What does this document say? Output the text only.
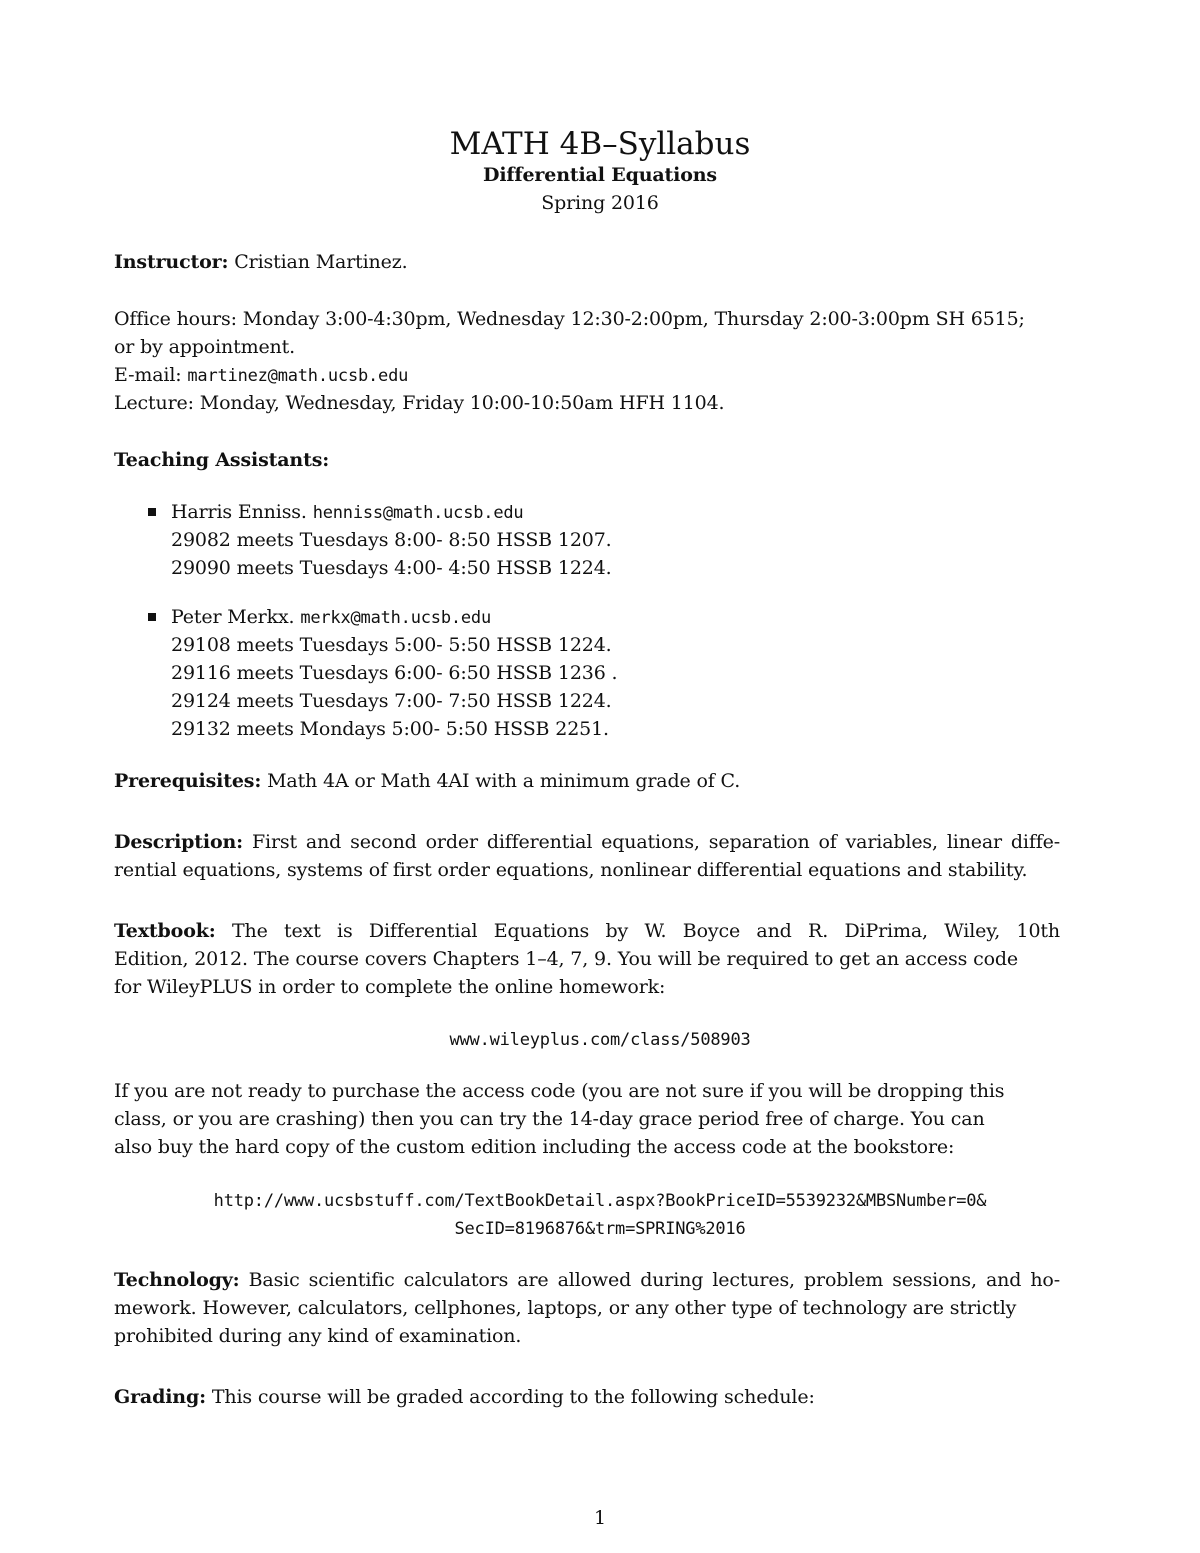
MATH 4B–Syllabus
Differential Equations
Spring 2016
Instructor: Cristian Martinez.
Office hours: Monday 3:00-4:30pm, Wednesday 12:30-2:00pm, Thursday 2:00-3:00pm SH 6515;
or by appointment.
E-mail: martinez@math.ucsb.edu
Lecture: Monday, Wednesday, Friday 10:00-10:50am HFH 1104.
Teaching Assistants:
Harris Enniss. henniss@math.ucsb.edu
29082 meets Tuesdays 8:00- 8:50 HSSB 1207.
29090 meets Tuesdays 4:00- 4:50 HSSB 1224.
Peter Merkx. merkx@math.ucsb.edu
29108 meets Tuesdays 5:00- 5:50 HSSB 1224.
29116 meets Tuesdays 6:00- 6:50 HSSB 1236 .
29124 meets Tuesdays 7:00- 7:50 HSSB 1224.
29132 meets Mondays 5:00- 5:50 HSSB 2251.
Prerequisites: Math 4A or Math 4AI with a minimum grade of C.
Description: First and second order differential equations, separation of variables, linear diffe-
rential equations, systems of first order equations, nonlinear differential equations and stability.
Textbook: The text is Differential Equations by W. Boyce and R. DiPrima, Wiley, 10th
Edition, 2012. The course covers Chapters 1–4, 7, 9. You will be required to get an access code
for WileyPLUS in order to complete the online homework:
www.wileyplus.com/class/508903
If you are not ready to purchase the access code (you are not sure if you will be dropping this
class, or you are crashing) then you can try the 14-day grace period free of charge. You can
also buy the hard copy of the custom edition including the access code at the bookstore:
http://www.ucsbstuff.com/TextBookDetail.aspx?BookPriceID=5539232&MBSNumber=0&
SecID=8196876&trm=SPRING%2016
Technology: Basic scientific calculators are allowed during lectures, problem sessions, and ho-
mework. However, calculators, cellphones, laptops, or any other type of technology are strictly
prohibited during any kind of examination.
Grading: This course will be graded according to the following schedule:
1
